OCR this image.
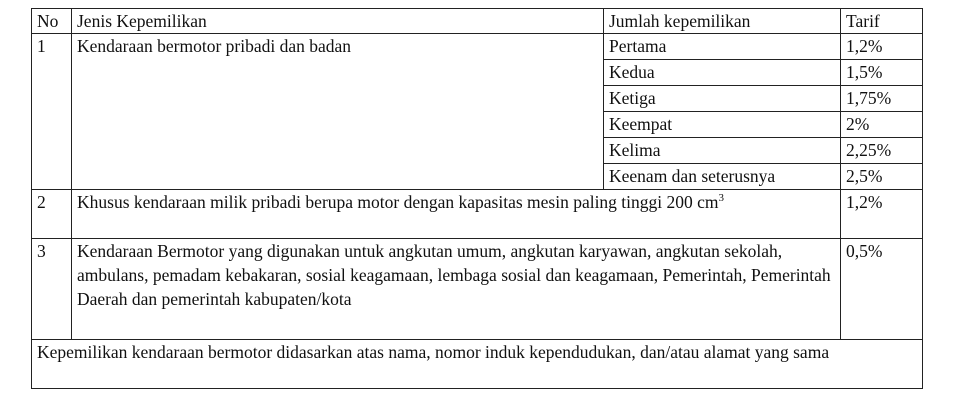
No	Jenis Kepemilikan	Jumlah kepemilikan	Tarif
1	Kendaraan bermotor pribadi dan badan	Pertama	1,2%
		Kedua	1,5%
		Ketiga	1,75%
		Keempat	2%
		Kelima	2,25%
		Keenam dan seterusnya	2,5%
2	Khusus kendaraan milik pribadi berupa motor dengan kapasitas mesin paling tinggi 200 $cm^3$		1,2%
3	Kendaraan Bermotor yang digunakan untuk angkutan umum, angkutan karyawan, angkutan sekolah, ambulans, pemadam kebakaran, sosial keagamaan, lembaga sosial dan keagamaan, Pemerintah, Pemerintah Daerah dan pemerintah kabupaten/kota		0,5%
Kepemilikan kendaraan bermotor didasarkan atas nama, nomor induk kependudukan, dan/atau alamat yang sama			
